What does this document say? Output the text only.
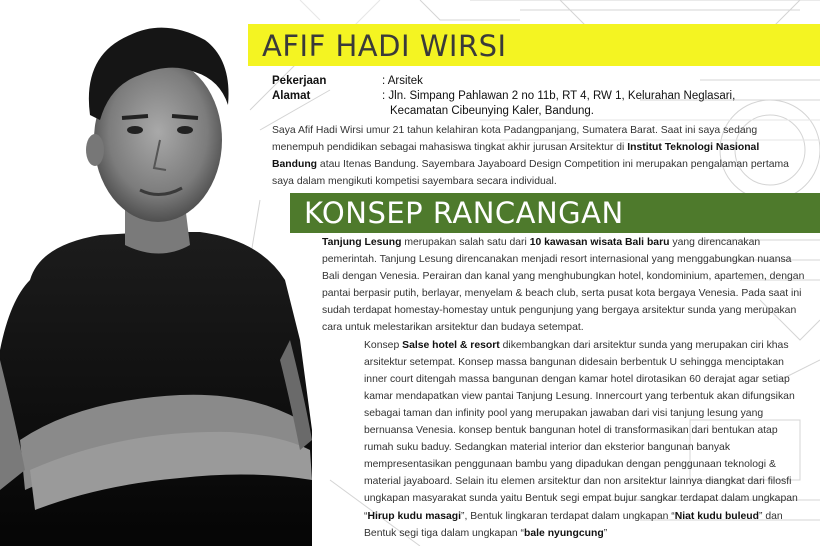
AFIF HADI WIRSI
Pekerjaan	: Arsitek
Alamat	: Jln. Simpang Pahlawan 2 no 11b, RT 4, RW 1, Kelurahan Neglasari,
Kecamatan Cibeunying Kaler, Bandung.
Saya Afif Hadi Wirsi umur 21 tahun kelahiran kota Padangpanjang, Sumatera Barat. Saat ini saya sedang menempuh pendidikan sebagai mahasiswa tingkat akhir jurusan Arsitektur di Institut Teknologi Nasional Bandung atau Itenas Bandung. Sayembara Jayaboard Design Competition ini merupakan pengalaman pertama saya dalam mengikuti kompetisi sayembara secara individual.
KONSEP RANCANGAN

Tanjung Lesung merupakan salah satu dari 10 kawasan wisata Bali baru yang direncanakan pemerintah. Tanjung Lesung direncanakan menjadi resort internasional yang menggabungkan nuansa Bali dengan Venesia. Perairan dan kanal yang menghubungkan hotel, kondominium, apartemen, dengan pantai berpasir putih, berlayar, menyelam & beach club, serta pusat kota bergaya Venesia. Pada saat ini sudah terdapat homestay-homestay untuk pengunjung yang bergaya arsitektur sunda yang merupakan cara untuk melestarikan arsitektur dan budaya setempat.

Konsep Salse hotel & resort dikembangkan dari arsitektur sunda yang merupakan ciri khas arsitektur setempat. Konsep massa bangunan didesain berbentuk U sehingga menciptakan inner court ditengah massa bangunan dengan kamar hotel dirotasikan 60 derajat agar setiap kamar mendapatkan view pantai Tanjung Lesung. Innercourt yang terbentuk akan difungsikan sebagai taman dan infinity pool yang merupakan jawaban dari visi tanjung lesung yang bernuansa Venesia. konsep bentuk bangunan hotel di transformasikan dari bentukan atap rumah suku baduy. Sedangkan material interior dan eksterior bangunan banyak mempresentasikan penggunaan bambu yang dipadukan dengan penggunaan teknologi & material jayaboard. Selain itu elemen arsitektur dan non arsitektur lainnya diangkat dari filosfi ungkapan masyarakat sunda yaitu Bentuk segi empat bujur sangkar terdapat dalam ungkapan “Hirup kudu masagi”, Bentuk lingkaran terdapat dalam ungkapan “Niat kudu buleud” dan Bentuk segi tiga dalam ungkapan “bale nyungcung”
